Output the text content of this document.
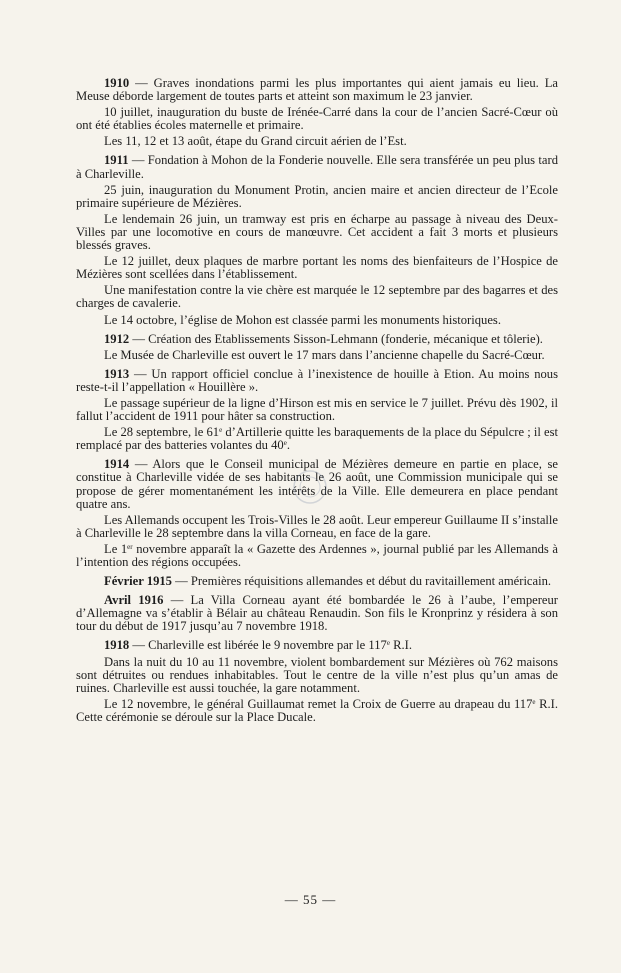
1910 — Graves inondations parmi les plus importantes qui aient jamais eu lieu. La Meuse déborde largement de toutes parts et atteint son maximum le 23 janvier.

10 juillet, inauguration du buste de Irénée-Carré dans la cour de l’ancien Sacré-Cœur où ont été établies écoles maternelle et primaire.

Les 11, 12 et 13 août, étape du Grand circuit aérien de l’Est.

1911 — Fondation à Mohon de la Fonderie nouvelle. Elle sera transférée un peu plus tard à Charleville.

25 juin, inauguration du Monument Protin, ancien maire et ancien directeur de l’Ecole primaire supérieure de Mézières.

Le lendemain 26 juin, un tramway est pris en écharpe au passage à niveau des Deux-Villes par une locomotive en cours de manœuvre. Cet accident a fait 3 morts et plusieurs blessés graves.

Le 12 juillet, deux plaques de marbre portant les noms des bienfaiteurs de l’Hospice de Mézières sont scellées dans l’établissement.

Une manifestation contre la vie chère est marquée le 12 septembre par des bagarres et des charges de cavalerie.

Le 14 octobre, l’église de Mohon est classée parmi les monuments historiques.

1912 — Création des Etablissements Sisson-Lehmann (fonderie, mécanique et tôlerie).

Le Musée de Charleville est ouvert le 17 mars dans l’ancienne chapelle du Sacré-Cœur.

1913 — Un rapport officiel conclue à l’inexistence de houille à Etion. Au moins nous reste-t-il l’appellation « Houillère ».

Le passage supérieur de la ligne d’Hirson est mis en service le 7 juillet. Prévu dès 1902, il fallut l’accident de 1911 pour hâter sa construction.

Le 28 septembre, le 61e d’Artillerie quitte les baraquements de la place du Sépulcre ; il est remplacé par des batteries volantes du 40e.

1914 — Alors que le Conseil municipal de Mézières demeure en partie en place, se constitue à Charleville vidée de ses habitants le 26 août, une Commission municipale qui se propose de gérer momentanément les intérêts de la Ville. Elle demeurera en place pendant quatre ans.

Les Allemands occupent les Trois-Villes le 28 août. Leur empereur Guillaume II s’installe à Charleville le 28 septembre dans la villa Corneau, en face de la gare.

Le 1er novembre apparaît la « Gazette des Ardennes », journal publié par les Allemands à l’intention des régions occupées.

Février 1915 — Premières réquisitions allemandes et début du ravitaillement américain.

Avril 1916 — La Villa Corneau ayant été bombardée le 26 à l’aube, l’empereur d’Allemagne va s’établir à Bélair au château Renaudin. Son fils le Kronprinz y résidera à son tour du début de 1917 jusqu’au 7 novembre 1918.

1918 — Charleville est libérée le 9 novembre par le 117e R.I.

Dans la nuit du 10 au 11 novembre, violent bombardement sur Mézières où 762 maisons sont détruites ou rendues inhabitables. Tout le centre de la ville n’est plus qu’un amas de ruines. Charleville est aussi touchée, la gare notamment.

Le 12 novembre, le général Guillaumat remet la Croix de Guerre au drapeau du 117e R.I. Cette cérémonie se déroule sur la Place Ducale.

— 55 —
